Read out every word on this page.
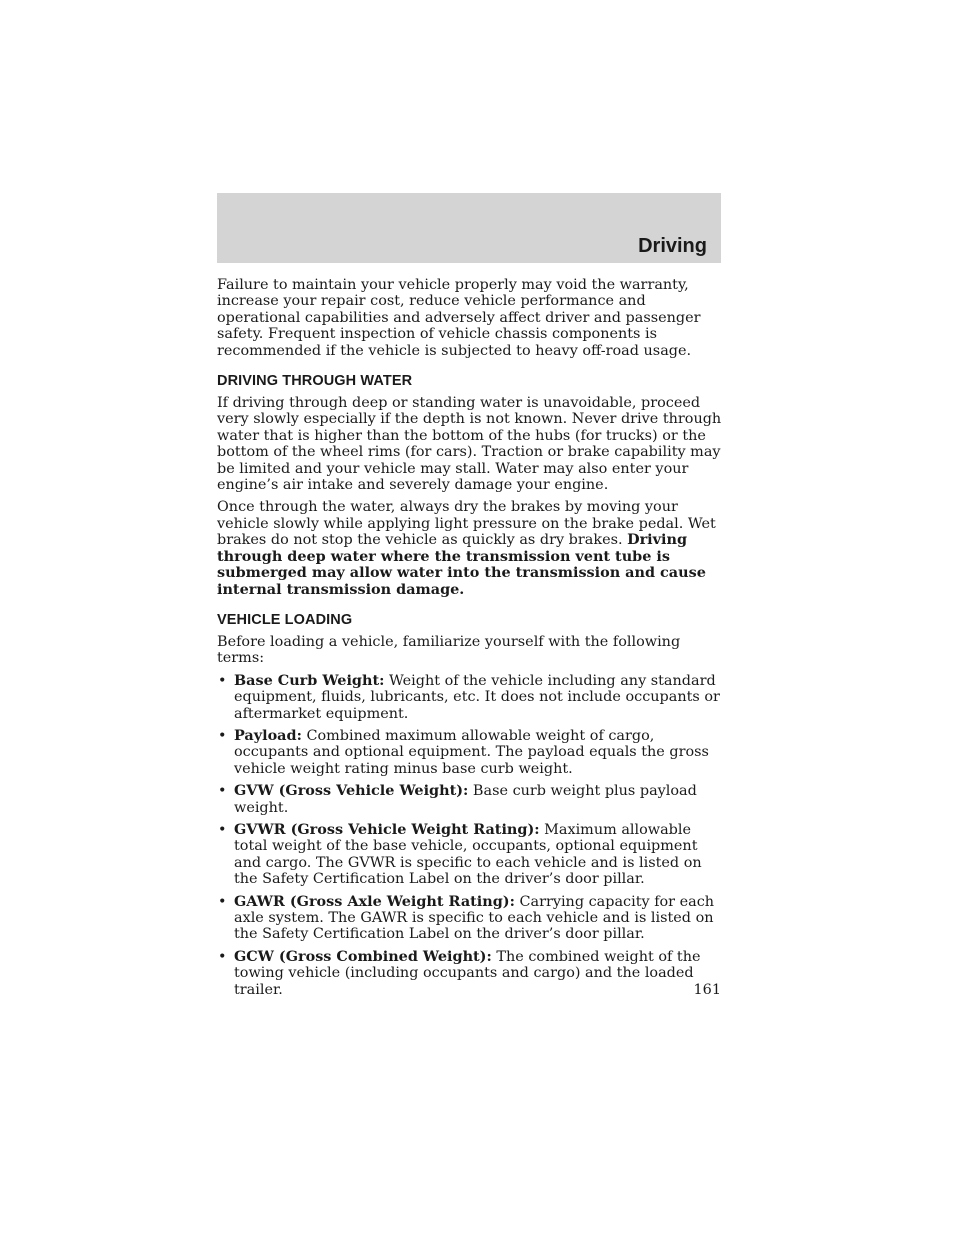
Driving

Failure to maintain your vehicle properly may void the warranty, increase your repair cost, reduce vehicle performance and operational capabilities and adversely affect driver and passenger safety. Frequent inspection of vehicle chassis components is recommended if the vehicle is subjected to heavy off-road usage.

DRIVING THROUGH WATER

If driving through deep or standing water is unavoidable, proceed very slowly especially if the depth is not known. Never drive through water that is higher than the bottom of the hubs (for trucks) or the bottom of the wheel rims (for cars). Traction or brake capability may be limited and your vehicle may stall. Water may also enter your engine’s air intake and severely damage your engine.

Once through the water, always dry the brakes by moving your vehicle slowly while applying light pressure on the brake pedal. Wet brakes do not stop the vehicle as quickly as dry brakes. Driving through deep water where the transmission vent tube is submerged may allow water into the transmission and cause internal transmission damage.

VEHICLE LOADING

Before loading a vehicle, familiarize yourself with the following terms:

• Base Curb Weight: Weight of the vehicle including any standard equipment, fluids, lubricants, etc. It does not include occupants or aftermarket equipment.
• Payload: Combined maximum allowable weight of cargo, occupants and optional equipment. The payload equals the gross vehicle weight rating minus base curb weight.
• GVW (Gross Vehicle Weight): Base curb weight plus payload weight.
• GVWR (Gross Vehicle Weight Rating): Maximum allowable total weight of the base vehicle, occupants, optional equipment and cargo. The GVWR is specific to each vehicle and is listed on the Safety Certification Label on the driver’s door pillar.
• GAWR (Gross Axle Weight Rating): Carrying capacity for each axle system. The GAWR is specific to each vehicle and is listed on the Safety Certification Label on the driver’s door pillar.
• GCW (Gross Combined Weight): The combined weight of the towing vehicle (including occupants and cargo) and the loaded trailer.	161
